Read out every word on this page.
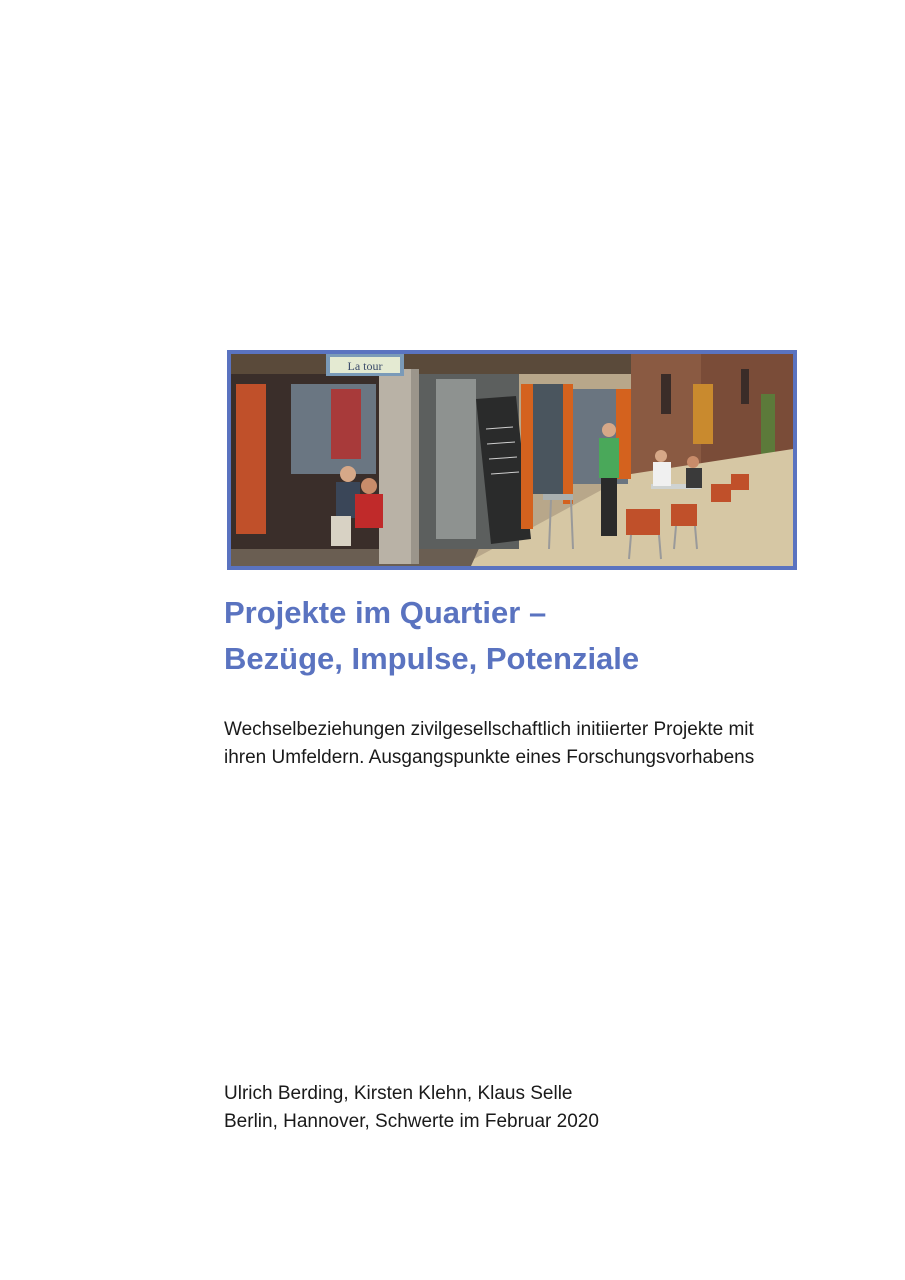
La tour
Projekte im Quartier –
Bezüge, Impulse, Potenziale

Wechselbeziehungen zivilgesellschaftlich initiierter Projekte mit
ihren Umfeldern. Ausgangspunkte eines Forschungsvorhabens

Ulrich Berding, Kirsten Klehn, Klaus Selle
Berlin, Hannover, Schwerte im Februar 2020
